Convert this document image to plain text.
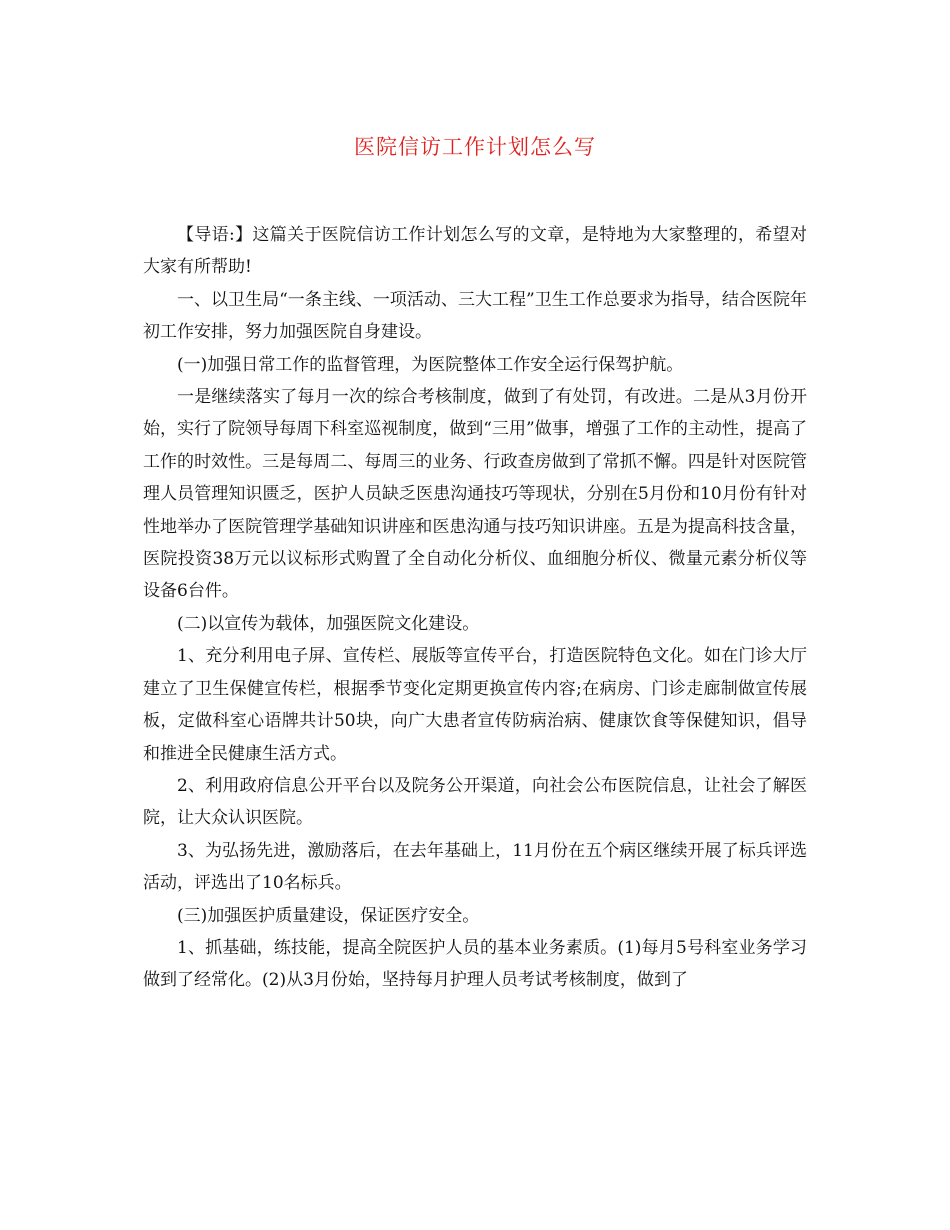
医院信访工作计划怎么写

【导语:】这篇关于医院信访工作计划怎么写的文章，是特地为大家整理的，希望对大家有所帮助!

一、以卫生局“一条主线、一项活动、三大工程”卫生工作总要求为指导，结合医院年初工作安排，努力加强医院自身建设。

(一)加强日常工作的监督管理，为医院整体工作安全运行保驾护航。

一是继续落实了每月一次的综合考核制度，做到了有处罚，有改进。二是从3月份开始，实行了院领导每周下科室巡视制度，做到“三用”做事，增强了工作的主动性，提高了工作的时效性。三是每周二、每周三的业务、行政查房做到了常抓不懈。四是针对医院管理人员管理知识匮乏，医护人员缺乏医患沟通技巧等现状，分别在5月份和10月份有针对性地举办了医院管理学基础知识讲座和医患沟通与技巧知识讲座。五是为提高科技含量，医院投资38万元以议标形式购置了全自动化分析仪、血细胞分析仪、微量元素分析仪等设备6台件。

(二)以宣传为载体，加强医院文化建设。

1、充分利用电子屏、宣传栏、展版等宣传平台，打造医院特色文化。如在门诊大厅建立了卫生保健宣传栏，根据季节变化定期更换宣传内容;在病房、门诊走廊制做宣传展板，定做科室心语牌共计50块，向广大患者宣传防病治病、健康饮食等保健知识，倡导和推进全民健康生活方式。

2、利用政府信息公开平台以及院务公开渠道，向社会公布医院信息，让社会了解医院，让大众认识医院。

3、为弘扬先进，激励落后，在去年基础上，11月份在五个病区继续开展了标兵评选活动，评选出了10名标兵。

(三)加强医护质量建设，保证医疗安全。

1、抓基础，练技能，提高全院医护人员的基本业务素质。(1)每月5号科室业务学习做到了经常化。(2)从3月份始，坚持每月护理人员考试考核制度，做到了
